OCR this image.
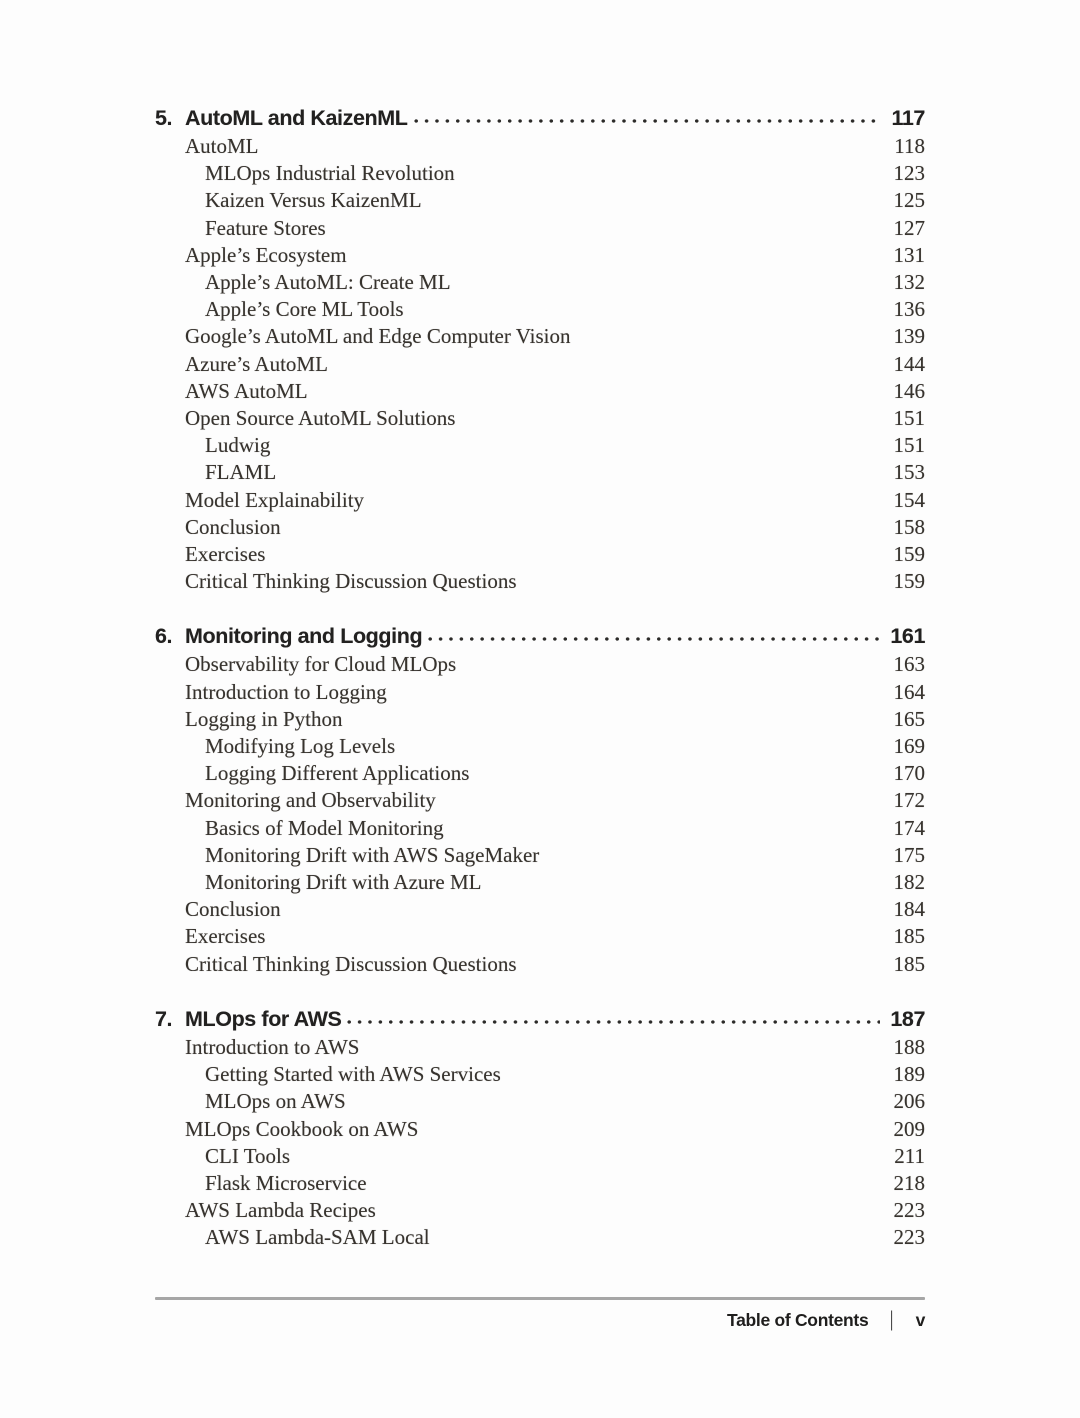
5. AutoML and KaizenML	117
AutoML	118
MLOps Industrial Revolution	123
Kaizen Versus KaizenML	125
Feature Stores	127
Apple’s Ecosystem	131
Apple’s AutoML: Create ML	132
Apple’s Core ML Tools	136
Google’s AutoML and Edge Computer Vision	139
Azure’s AutoML	144
AWS AutoML	146
Open Source AutoML Solutions	151
Ludwig	151
FLAML	153
Model Explainability	154
Conclusion	158
Exercises	159
Critical Thinking Discussion Questions	159
6. Monitoring and Logging	161
Observability for Cloud MLOps	163
Introduction to Logging	164
Logging in Python	165
Modifying Log Levels	169
Logging Different Applications	170
Monitoring and Observability	172
Basics of Model Monitoring	174
Monitoring Drift with AWS SageMaker	175
Monitoring Drift with Azure ML	182
Conclusion	184
Exercises	185
Critical Thinking Discussion Questions	185
7. MLOps for AWS	187
Introduction to AWS	188
Getting Started with AWS Services	189
MLOps on AWS	206
MLOps Cookbook on AWS	209
CLI Tools	211
Flask Microservice	218
AWS Lambda Recipes	223
AWS Lambda-SAM Local	223
Table of Contents | v
